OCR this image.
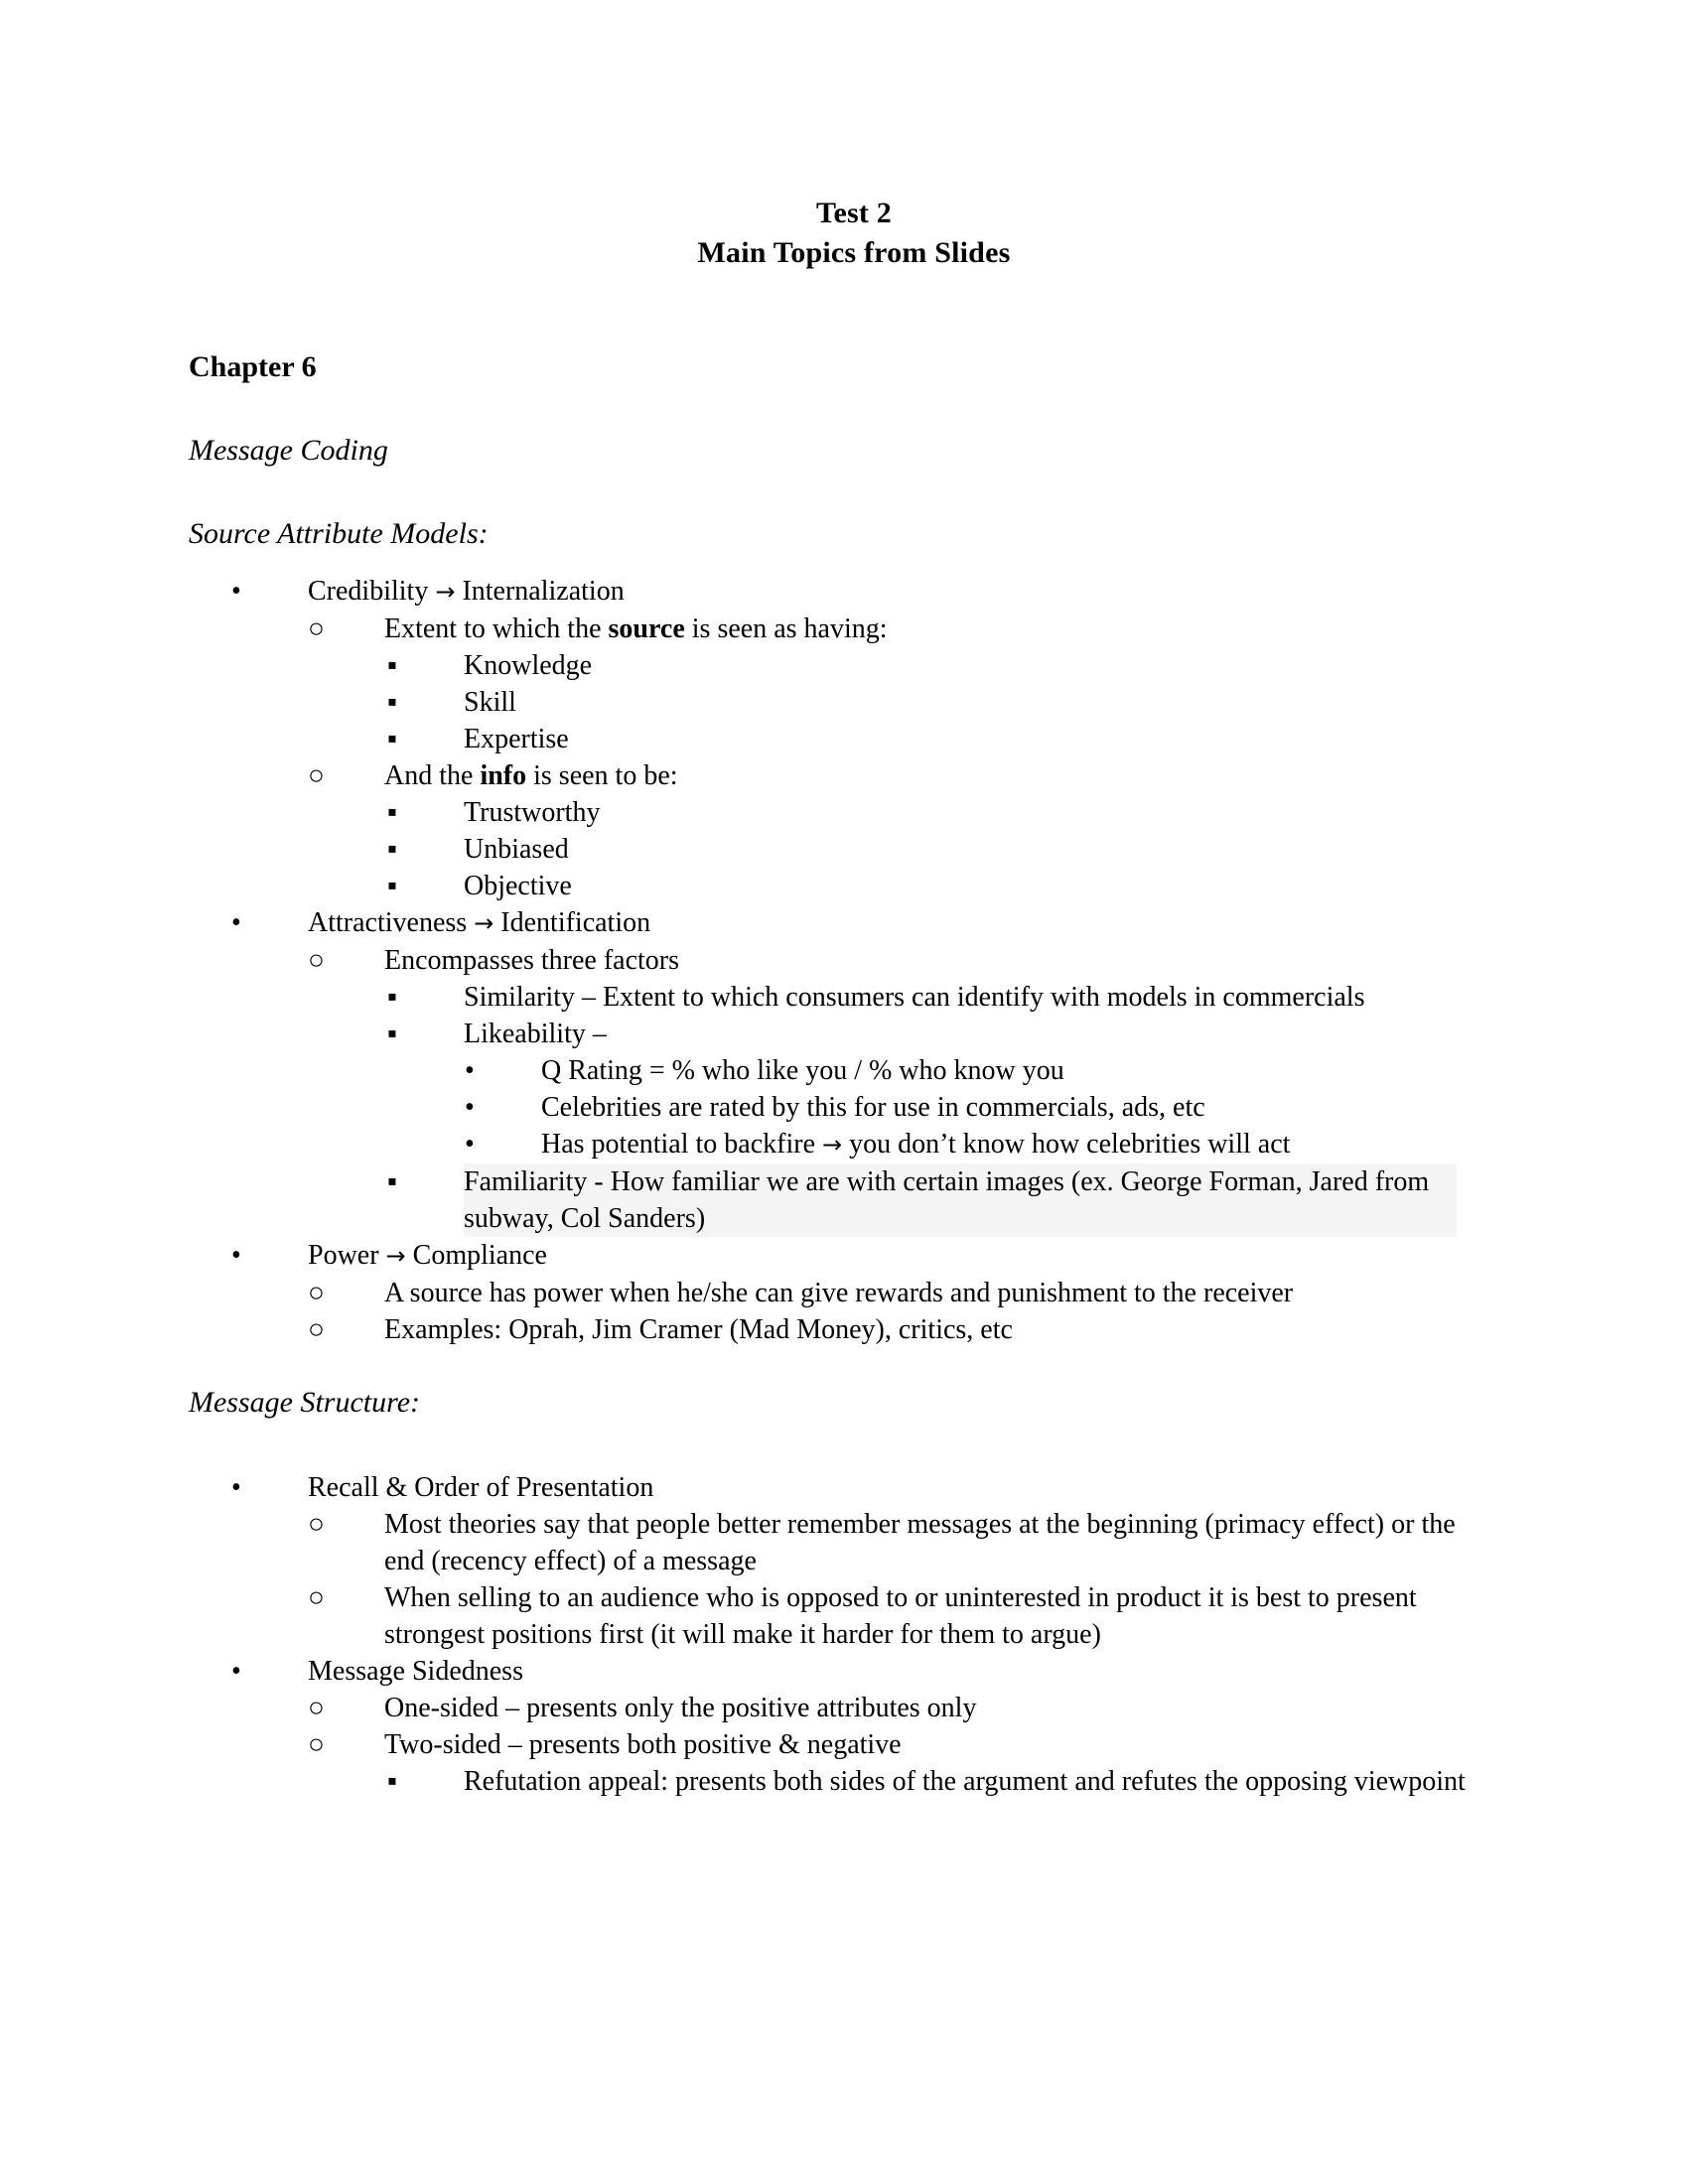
Test 2
Main Topics from Slides
Chapter 6
Message Coding
Source Attribute Models:
•
Credibility → Internalization
○
Extent to which the source is seen as having:
▪
Knowledge
▪
Skill
▪
Expertise
○
And the info is seen to be:
▪
Trustworthy
▪
Unbiased
▪
Objective
•
Attractiveness → Identification
○
Encompasses three factors
▪
Similarity – Extent to which consumers can identify with models in commercials
▪
Likeability –
•
Q Rating = % who like you / % who know you
•
Celebrities are rated by this for use in commercials, ads, etc
•
Has potential to backfire → you don’t know how celebrities will act
▪
Familiarity - How familiar we are with certain images (ex. George Forman, Jared from subway, Col Sanders)
•
Power → Compliance
○
A source has power when he/she can give rewards and punishment to the receiver
○
Examples: Oprah, Jim Cramer (Mad Money), critics, etc
Message Structure:
•
Recall & Order of Presentation
○
Most theories say that people better remember messages at the beginning (primacy effect) or the end (recency effect) of a message
○
When selling to an audience who is opposed to or uninterested in product it is best to present strongest positions first (it will make it harder for them to argue)
•
Message Sidedness
○
One-sided – presents only the positive attributes only
○
Two-sided – presents both positive & negative
▪
Refutation appeal: presents both sides of the argument and refutes the opposing viewpoint
